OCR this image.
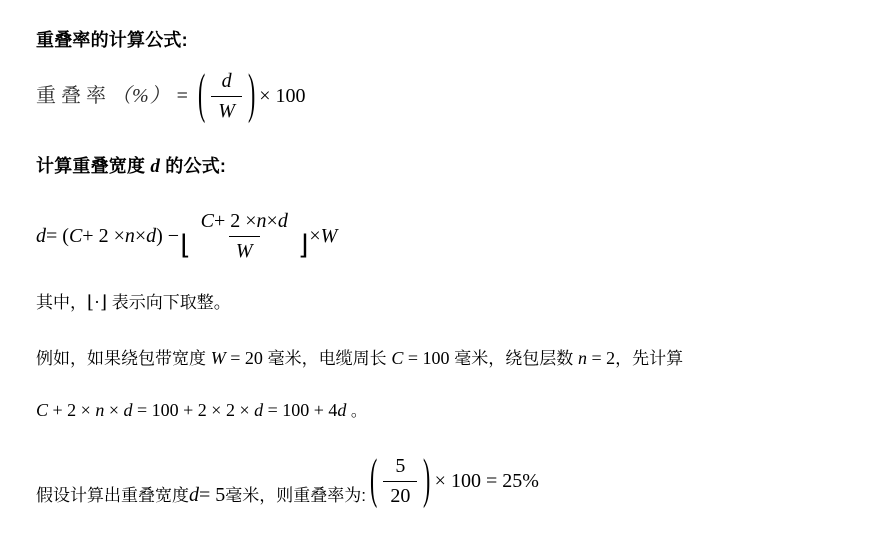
重叠率的计算公式:
重叠率 （%） = ( $\frac{d}{W}$ ) × 100
计算重叠宽度 d 的公式:
d = ( C + 2 × n × d ) − ⌊ $\frac{C + 2 \times n \times d}{W}$ ⌋ × W
其中，⌊·⌋ 表示向下取整。
例如，如果绕包带宽度 W = 20 毫米，电缆周长 C = 100 毫米，绕包层数 n = 2，先计算
C + 2 × n × d = 100 + 2 × 2 × d = 100 + 4d 。
假设计算出重叠宽度 d = 5 毫米，则重叠率为: ( $\frac{5}{20}$ ) × 100 = 25%
